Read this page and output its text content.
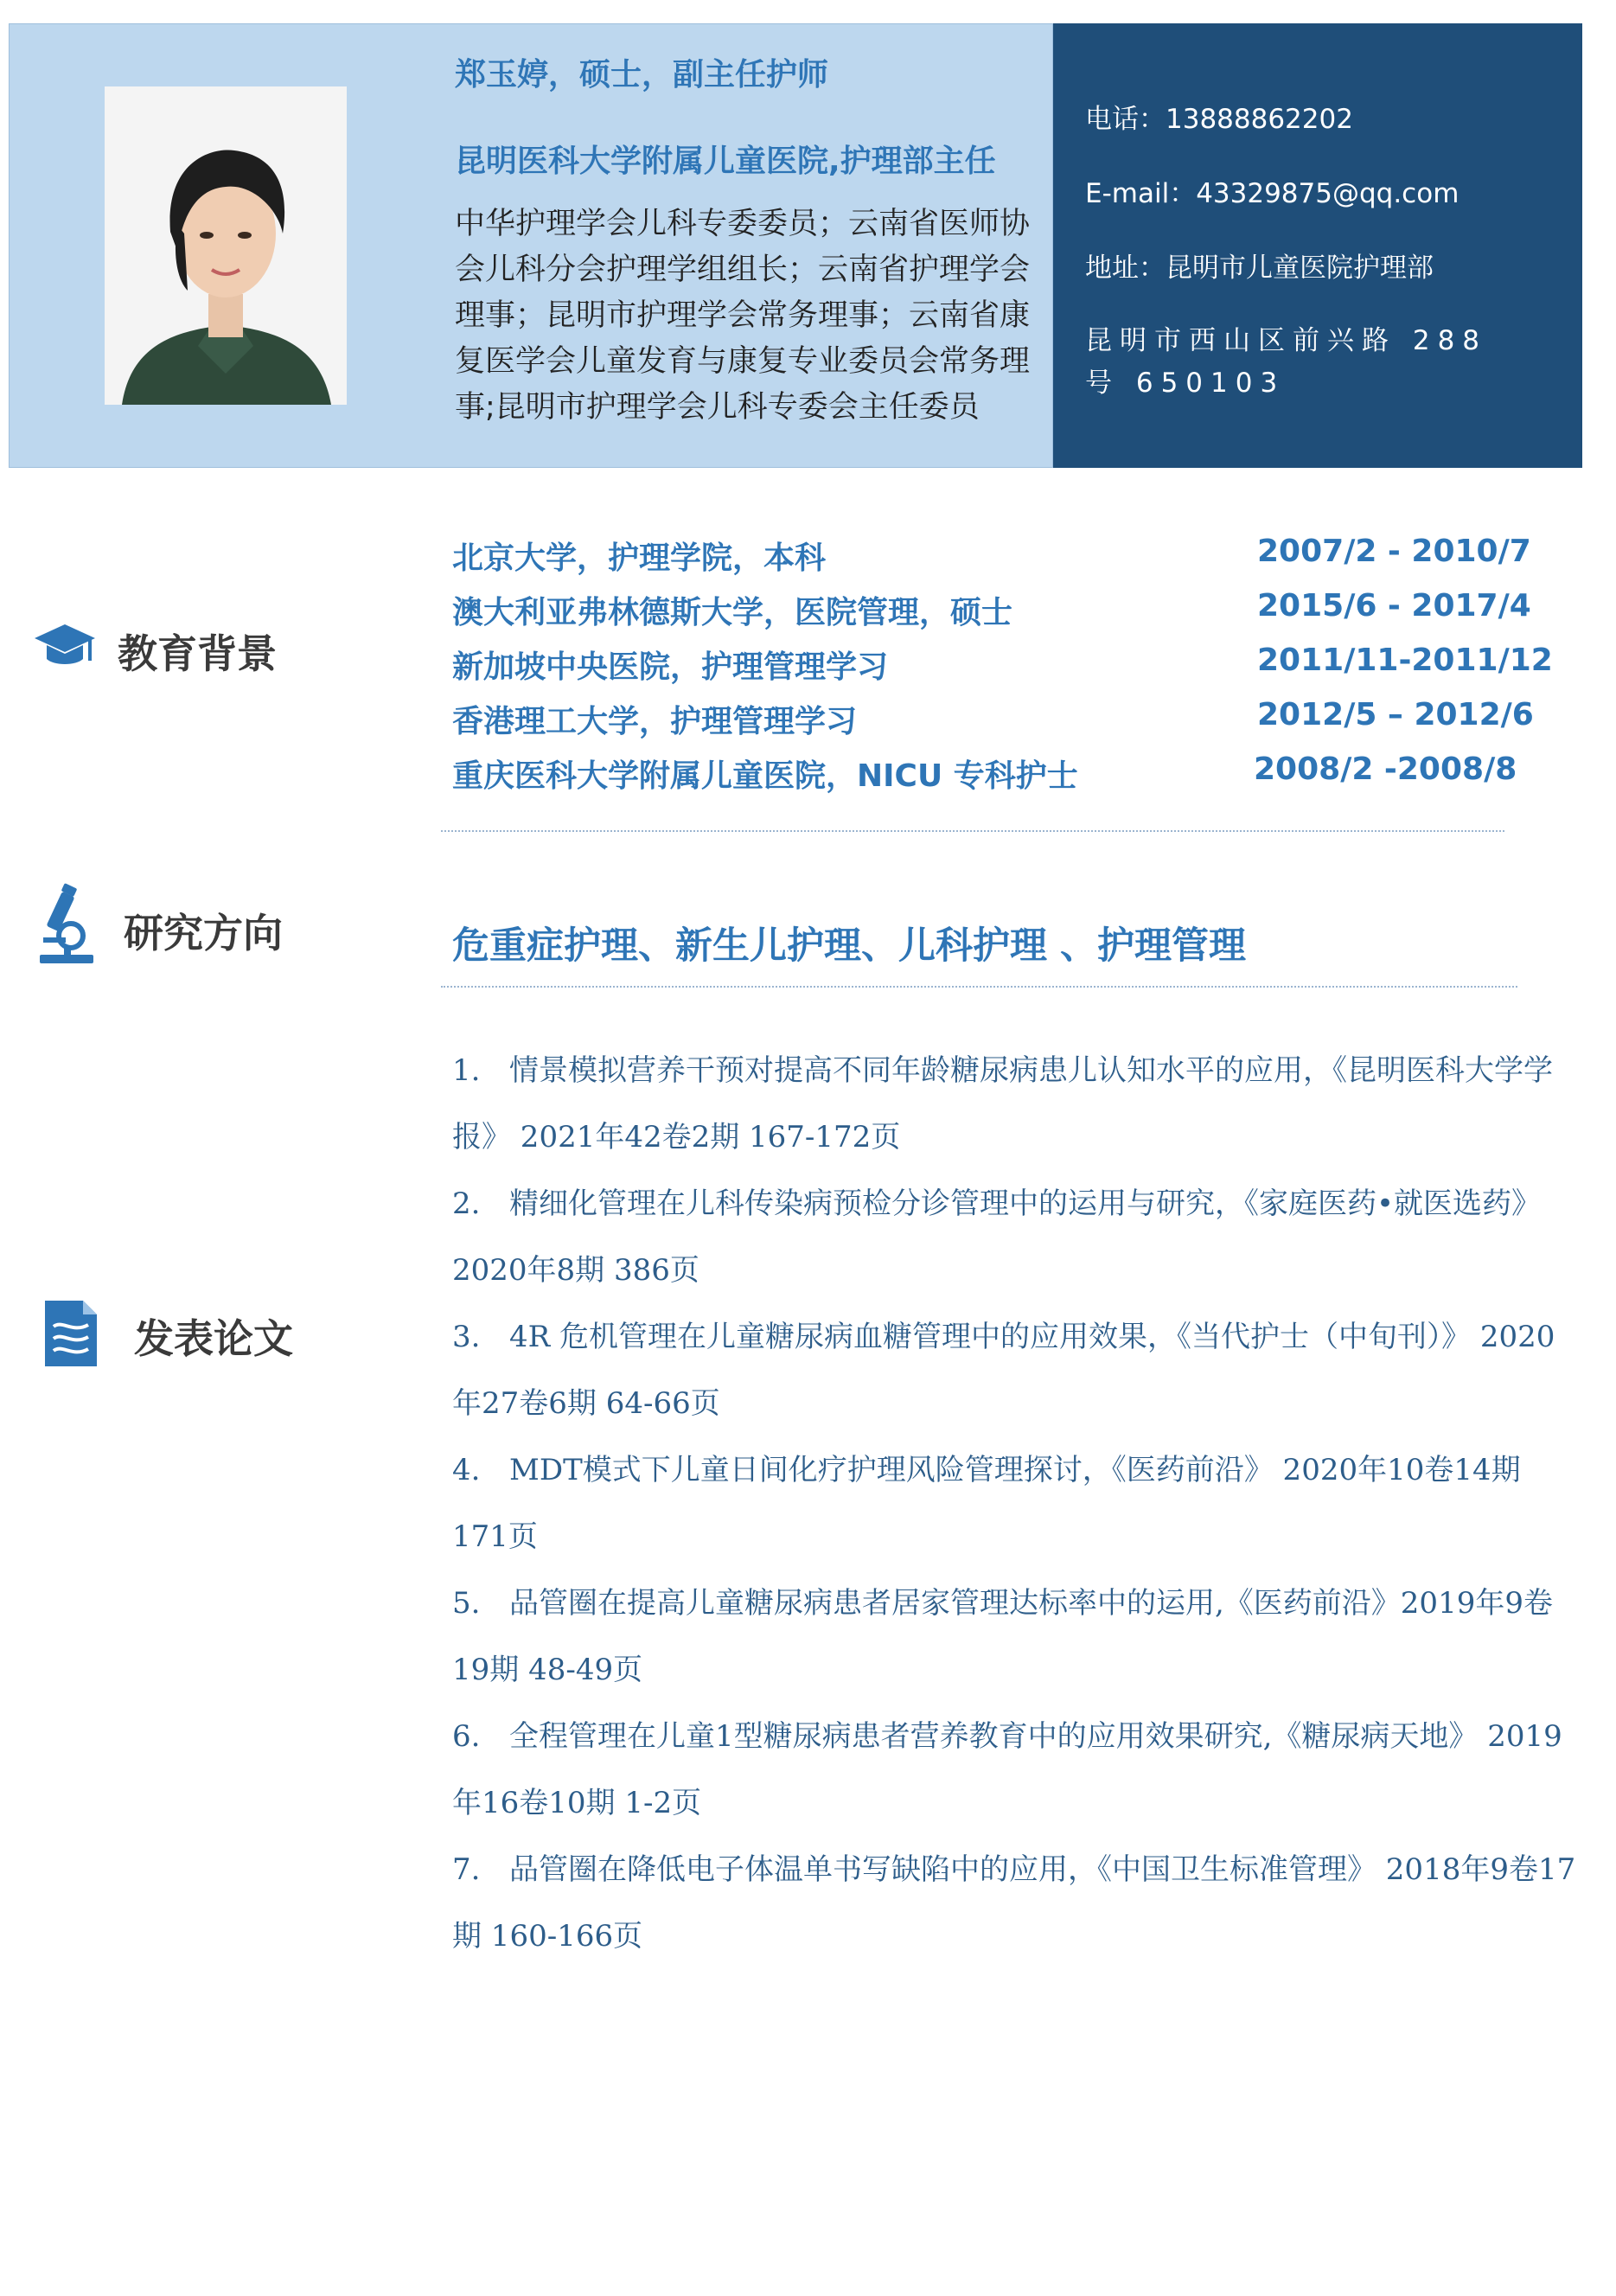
郑玉婷，硕士，副主任护师

昆明医科大学附属儿童医院,护理部主任

中华护理学会儿科专委委员；云南省医师协会儿科分会护理学组组长；云南省护理学会理事；昆明市护理学会常务理事；云南省康复医学会儿童发育与康复专业委员会常务理事;昆明市护理学会儿科专委会主任委员
电话：13888862202
E-mail：43329875@qq.com
地址：昆明市儿童医院护理部
昆明市西山区前兴路 288 号 650103
教育背景
北京大学，护理学院，本科	2007/2 - 2010/7
澳大利亚弗林德斯大学，医院管理，硕士	2015/6 - 2017/4
新加坡中央医院，护理管理学习	2011/11-2011/12
香港理工大学，护理管理学习	2012/5 – 2012/6
重庆医科大学附属儿童医院，NICU 专科护士	2008/2 -2008/8
研究方向	危重症护理、新生儿护理、儿科护理 、护理管理
发表论文

1. 情景模拟营养干预对提高不同年龄糖尿病患儿认知水平的应用，《昆明医科大学学报》 2021年42卷2期 167-172页

2. 精细化管理在儿科传染病预检分诊管理中的运用与研究，《家庭医药•就医选药》 2020年8期 386页

3. 4R 危机管理在儿童糖尿病血糖管理中的应用效果，《当代护士（中旬刊）》 2020年27卷6期 64-66页

4. MDT模式下儿童日间化疗护理风险管理探讨，《医药前沿》 2020年10卷14期 171页

5. 品管圈在提高儿童糖尿病患者居家管理达标率中的运用,《医药前沿》2019年9卷19期 48-49页

6. 全程管理在儿童1型糖尿病患者营养教育中的应用效果研究,《糖尿病天地》 2019年16卷10期 1-2页

7. 品管圈在降低电子体温单书写缺陷中的应用，《中国卫生标准管理》 2018年9卷17期 160-166页
